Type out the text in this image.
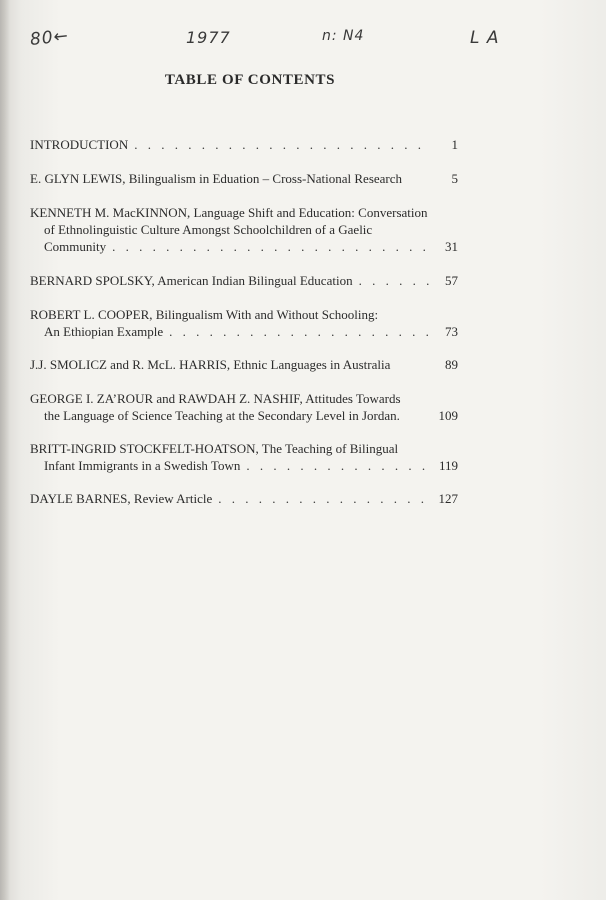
80←	1977	n: N4	L A
TABLE OF CONTENTS
INTRODUCTION . . .	1
E. GLYN LEWIS, Bilingualism in Eduation – Cross-National Research	5
KENNETH M. MacKINNON, Language Shift and Education: Conversation
of Ethnolinguistic Culture Amongst Schoolchildren of a Gaelic
Community . . .	31
BERNARD SPOLSKY, American Indian Bilingual Education . . .	57
ROBERT L. COOPER, Bilingualism With and Without Schooling:
An Ethiopian Example . . .	73
J.J. SMOLICZ and R. McL. HARRIS, Ethnic Languages in Australia	89
GEORGE I. ZA’ROUR and RAWDAH Z. NASHIF, Attitudes Towards
the Language of Science Teaching at the Secondary Level in Jordan.	109
BRITT-INGRID STOCKFELT-HOATSON, The Teaching of Bilingual
Infant Immigrants in a Swedish Town . . .	119
DAYLE BARNES, Review Article . . .	127
